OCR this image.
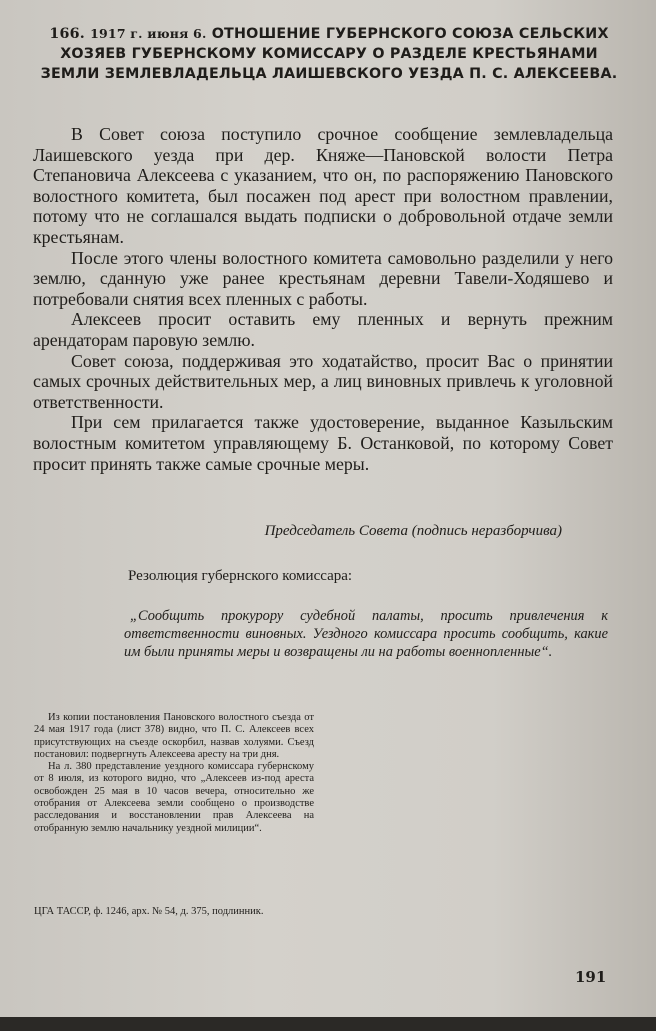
166. 1917 г. июня 6. ОТНОШЕНИЕ ГУБЕРНСКОГО СОЮЗА СЕЛЬСКИХ ХОЗЯЕВ ГУБЕРНСКОМУ КОМИССАРУ О РАЗДЕЛЕ КРЕСТЬЯНАМИ ЗЕМЛИ ЗЕМЛЕВЛАДЕЛЬЦА ЛАИШЕВСКОГО УЕЗДА П. С. АЛЕКСЕЕВА.

В Совет союза поступило срочное сообщение землевладельца Лаишевского уезда при дер. Княже—Пановской волости Петра Степановича Алексеева с указанием, что он, по распоряжению Пановского волостного комитета, был посажен под арест при волостном правлении, потому что не соглашался выдать подписки о добровольной отдаче земли крестьянам.

После этого члены волостного комитета самовольно разделили у него землю, сданную уже ранее крестьянам деревни Тавели-Ходяшево и потребовали снятия всех пленных с работы.

Алексеев просит оставить ему пленных и вернуть прежним арендаторам паровую землю.

Совет союза, поддерживая это ходатайство, просит Вас о принятии самых срочных действительных мер, а лиц виновных привлечь к уголовной ответственности.

При сем прилагается также удостоверение, выданное Казыльским волостным комитетом управляющему Б. Останковой, по которому Совет просит принять также самые срочные меры.

Председатель Совета (подпись неразборчива)
Резолюция губернского комиссара:
„Сообщить прокурору судебной палаты, просить привлечения к ответственности виновных. Уездного комиссара просить сообщить, какие им были приняты меры и возвращены ли на работы военнопленные“.

Из копии постановления Пановского волостного съезда от 24 мая 1917 года (лист 378) видно, что П. С. Алексеев всех присутствующих на съезде оскорбил, назвав холуями. Съезд постановил: подвергнуть Алексеева аресту на три дня.

На л. 380 представление уездного комиссара губернскому от 8 июля, из которого видно, что „Алексеев из-под ареста освобожден 25 мая в 10 часов вечера, относительно же отобрания от Алексеева земли сообщено о производстве расследования и восстановлении прав Алексеева на отобранную землю начальнику уездной милиции“.

ЦГА ТАССР, ф. 1246, арх. № 54, д. 375, подлинник.
191
